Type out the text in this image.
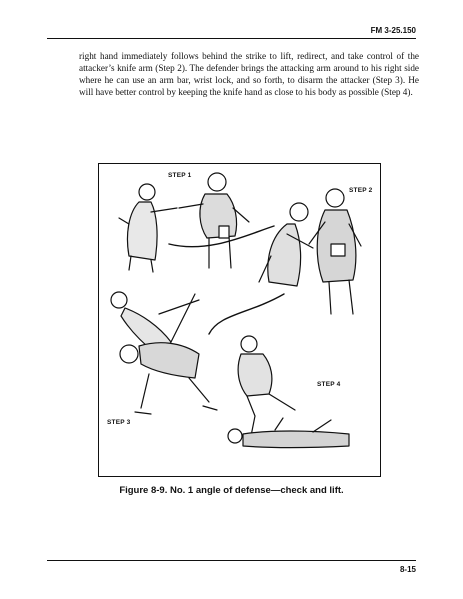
FM 3-25.150

right hand immediately follows behind the strike to lift, redirect, and take control of the attacker’s knife arm (Step 2). The defender brings the attacking arm around to his right side where he can use an arm bar, wrist lock, and so forth, to disarm the attacker (Step 3). He will have better control by keeping the knife hand as close to his body as possible (Step 4).

STEP 1
STEP 2
STEP 3
STEP 4
Figure 8-9. No. 1 angle of defense—check and lift.
8-15
